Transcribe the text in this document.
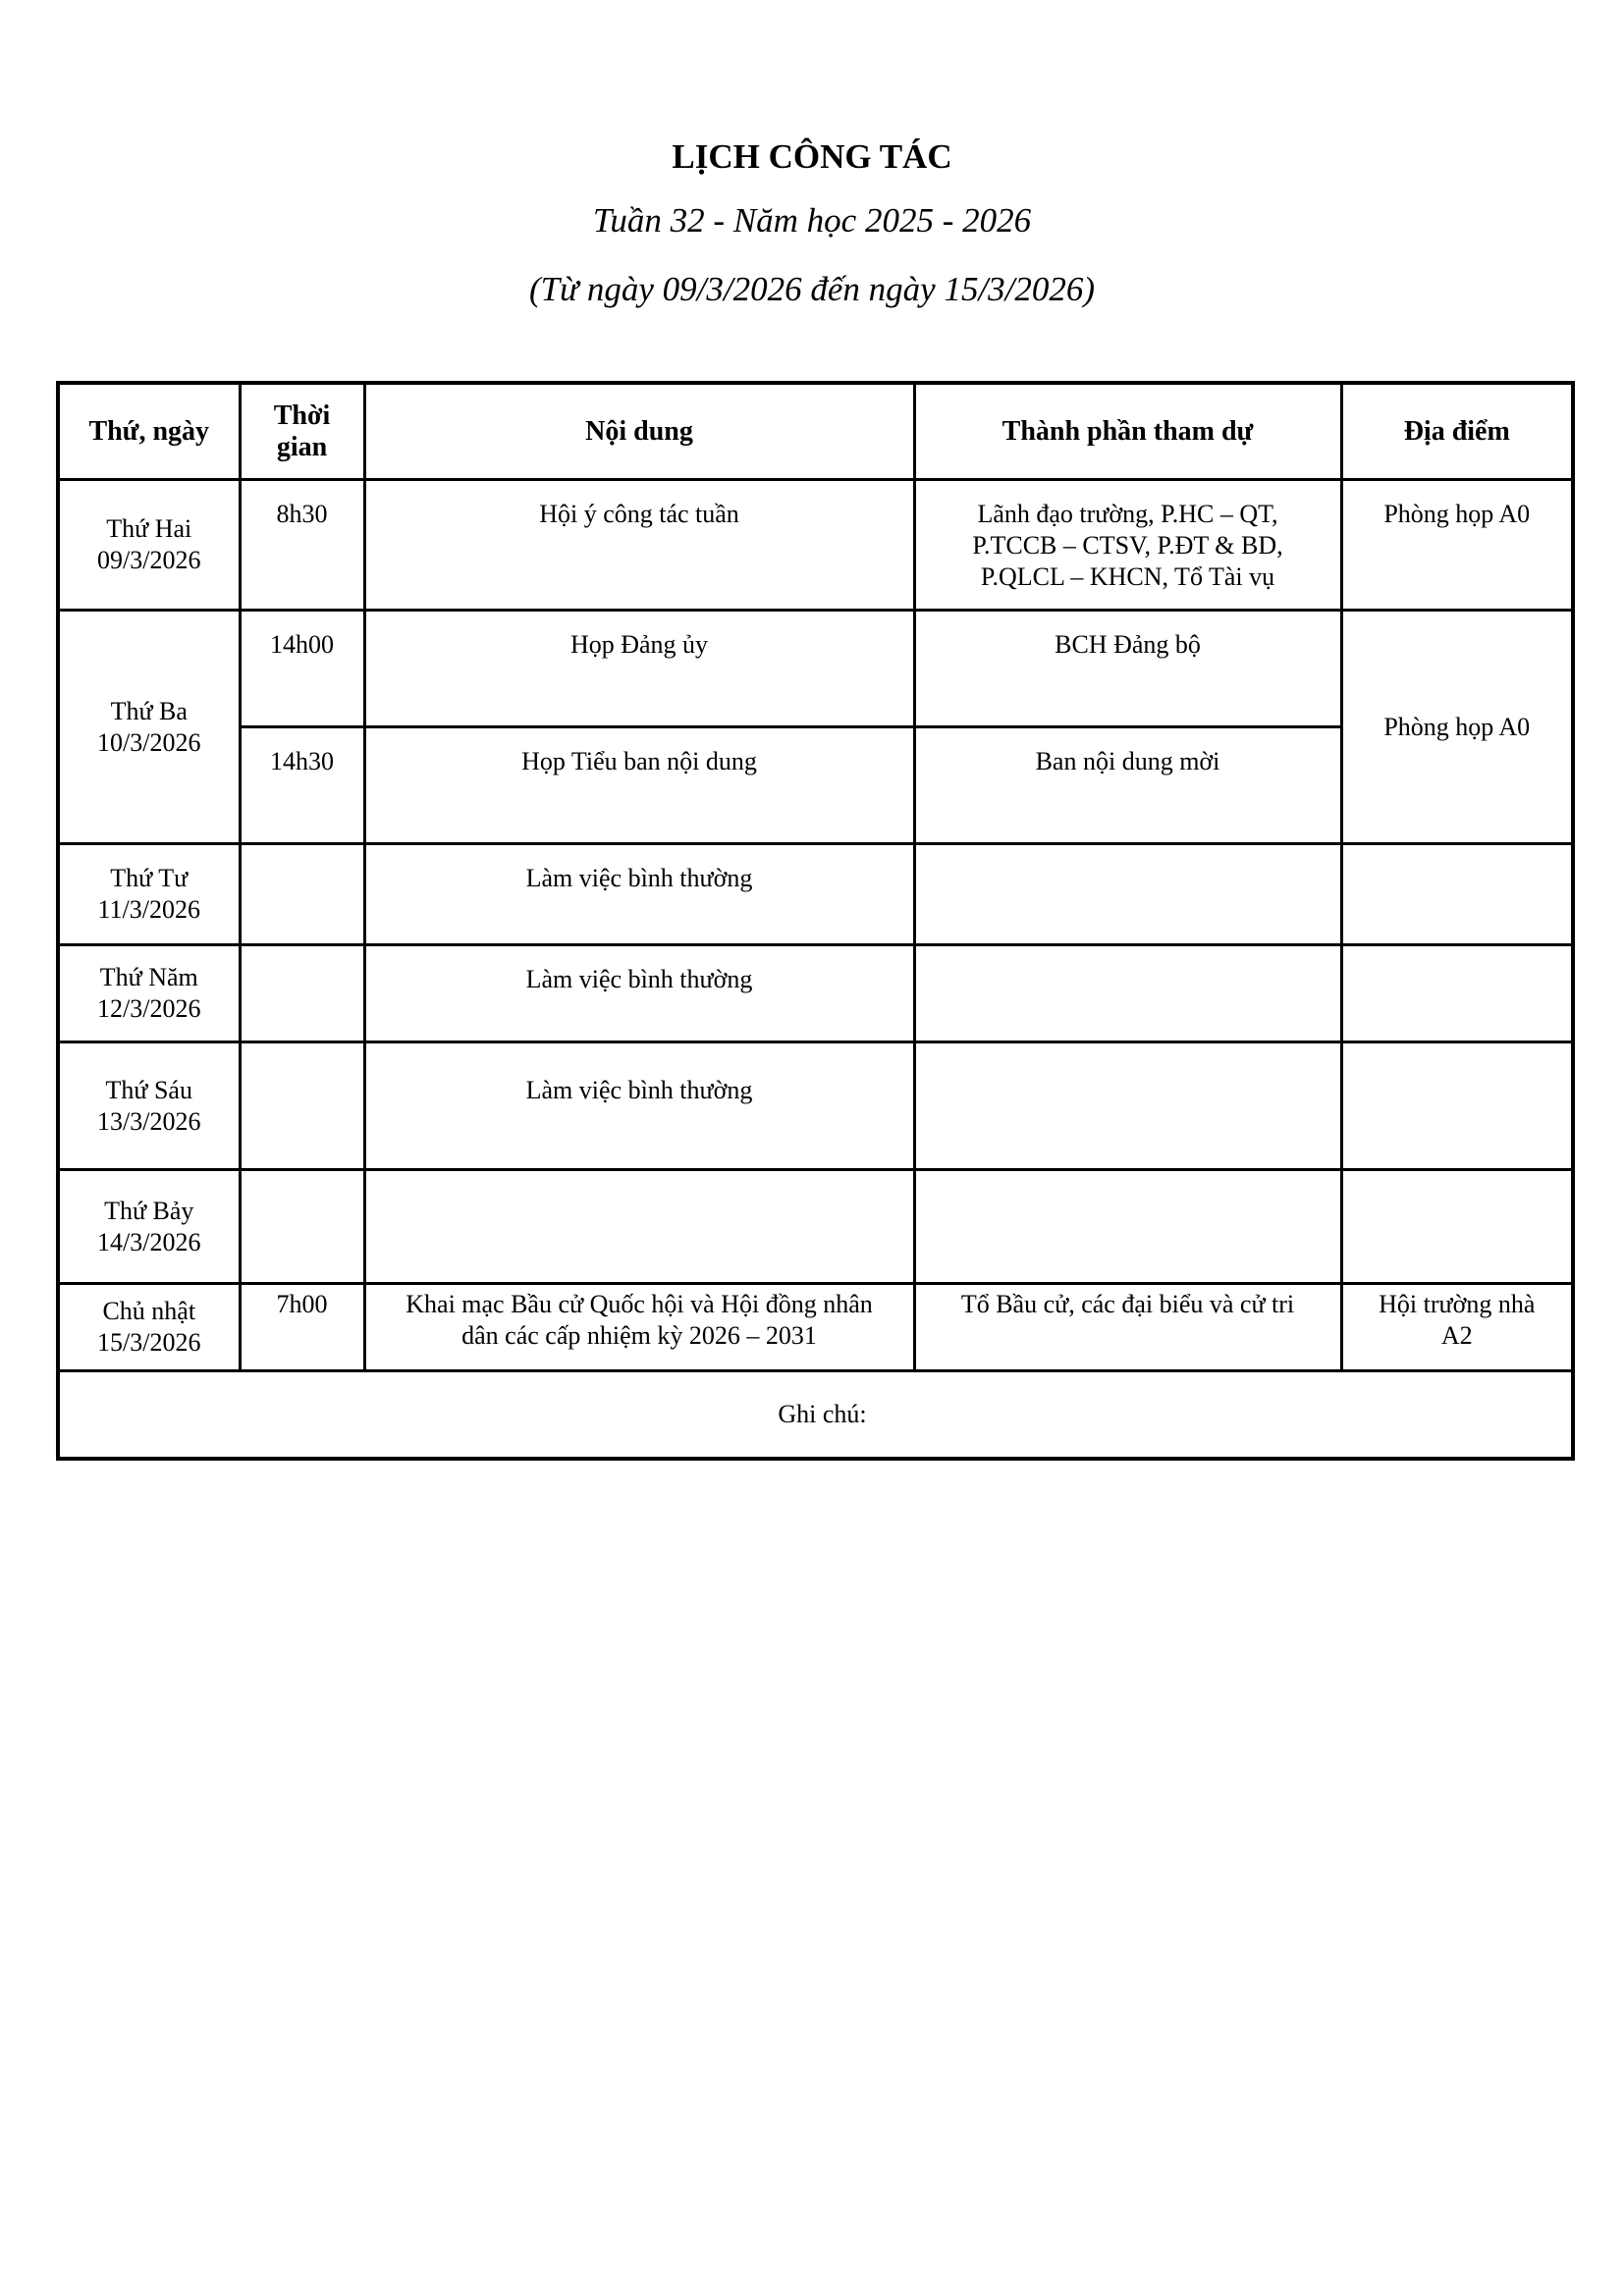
LỊCH CÔNG TÁC
Tuần 32 - Năm học 2025 - 2026
(Từ ngày 09/3/2026 đến ngày 15/3/2026)
Thứ, ngày	Thời gian	Nội dung	Thành phần tham dự	Địa điểm
Thứ Hai
09/3/2026	8h30	Hội ý công tác tuần	Lãnh đạo trường, P.HC – QT, P.TCCB – CTSV, P.ĐT & BD, P.QLCL – KHCN, Tổ Tài vụ	Phòng họp A0
Thứ Ba
10/3/2026	14h00	Họp Đảng ủy	BCH Đảng bộ	Phòng họp A0
	14h30	Họp Tiểu ban nội dung	Ban nội dung mời	

Thứ Tư
11/3/2026		Làm việc bình thường		

Thứ Năm
12/3/2026		Làm việc bình thường		

Thứ Sáu
13/3/2026		Làm việc bình thường		

Thứ Bảy
14/3/2026				
Chủ nhật
15/3/2026	7h00	Khai mạc Bầu cử Quốc hội và Hội đồng nhân dân các cấp nhiệm kỳ 2026 – 2031	Tổ Bầu cử, các đại biểu và cử tri	Hội trường nhà A2

Ghi chú:				
